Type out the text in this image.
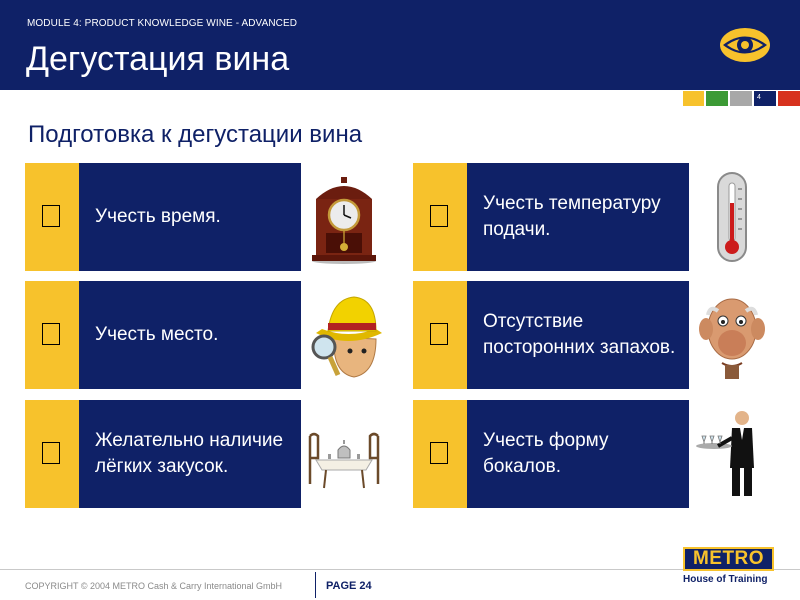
MODULE 4: PRODUCT KNOWLEDGE WINE - ADVANCED
Дегустация вина
4
Подготовка к дегустации вина
Учесть время.
Учесть температуру подачи.
Учесть место.
Отсутствие посторонних запахов.
Желательно наличие лёгких закусок.
Учесть форму бокалов.
COPYRIGHT © 2004 METRO Cash & Carry International GmbH	PAGE 24
METRO
House of Training
